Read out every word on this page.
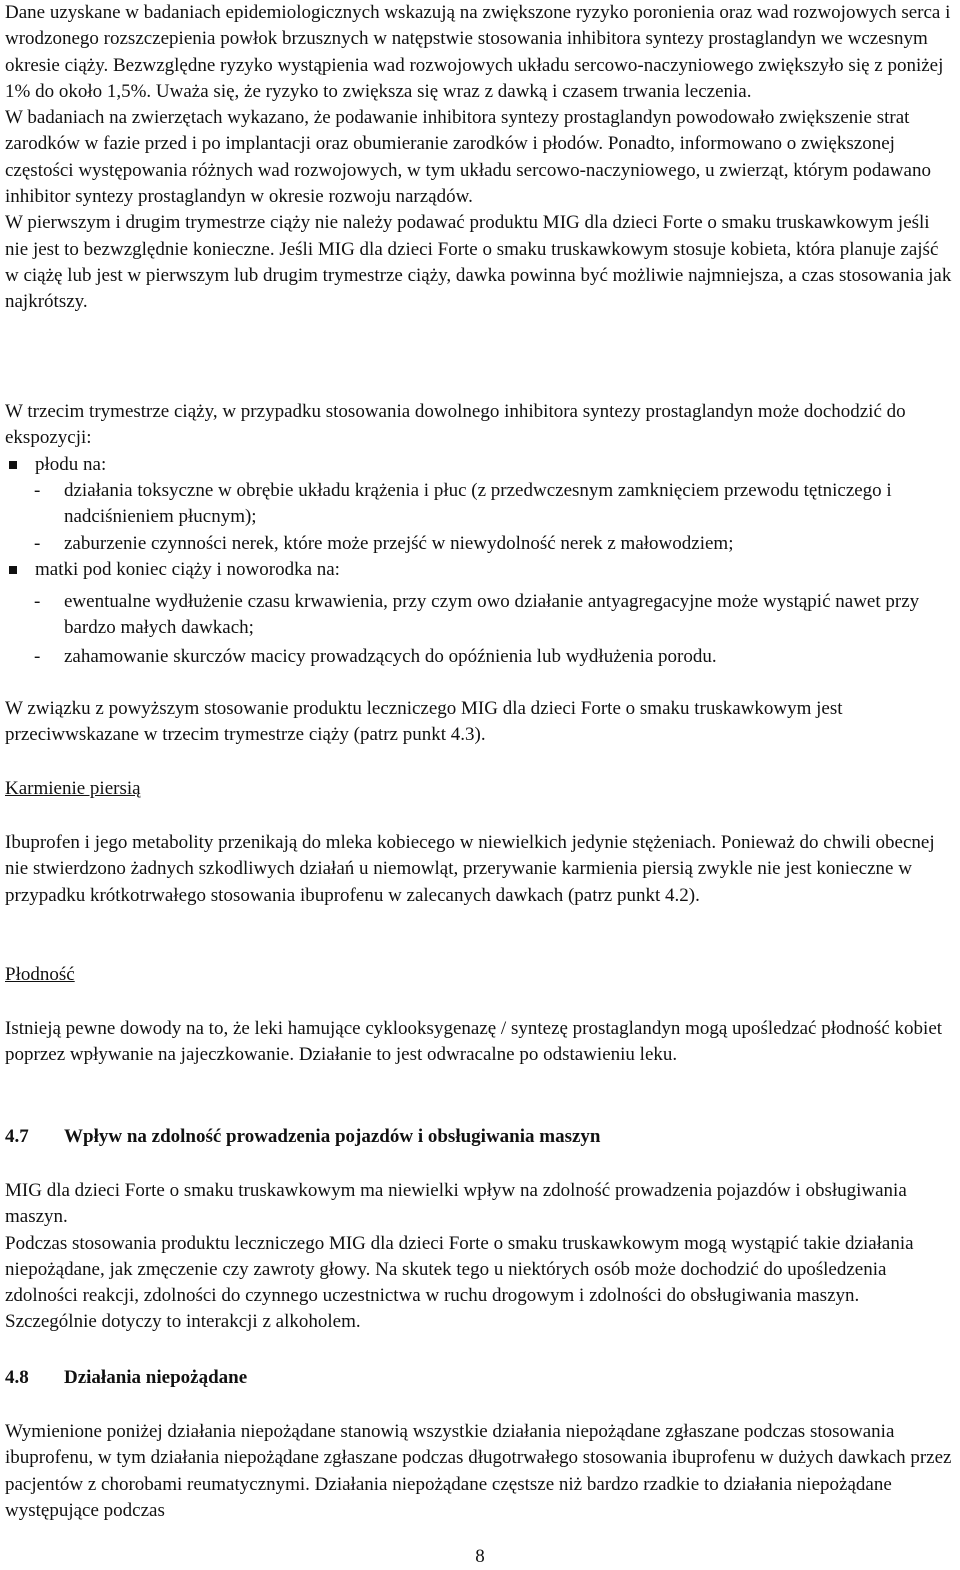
Dane uzyskane w badaniach epidemiologicznych wskazują na zwiększone ryzyko poronienia oraz wad rozwojowych serca i wrodzonego rozszczepienia powłok brzusznych w natępstwie stosowania inhibitora syntezy prostaglandyn we wczesnym okresie ciąży. Bezwzględne ryzyko wystąpienia wad rozwojowych układu sercowo-naczyniowego zwiększyło się z poniżej 1% do około 1,5%. Uważa się, że ryzyko to zwiększa się wraz z dawką i czasem trwania leczenia.

W badaniach na zwierzętach wykazano, że podawanie inhibitora syntezy prostaglandyn powodowało zwiększenie strat zarodków w fazie przed i po implantacji oraz obumieranie zarodków i płodów. Ponadto, informowano o zwiększonej częstości występowania różnych wad rozwojowych, w tym układu sercowo-naczyniowego, u zwierząt, którym podawano inhibitor syntezy prostaglandyn w okresie rozwoju narządów.

W pierwszym i drugim trymestrze ciąży nie należy podawać produktu MIG dla dzieci Forte o smaku truskawkowym jeśli nie jest to bezwzględnie konieczne. Jeśli MIG dla dzieci Forte o smaku truskawkowym stosuje kobieta, która planuje zajść w ciążę lub jest w pierwszym lub drugim trymestrze ciąży, dawka powinna być możliwie najmniejsza, a czas stosowania jak najkrótszy.

W trzecim trymestrze ciąży, w przypadku stosowania dowolnego inhibitora syntezy prostaglandyn może dochodzić do ekspozycji:
płodu na:
- działania toksyczne w obrębie układu krążenia i płuc (z przedwczesnym zamknięciem przewodu tętniczego i nadciśnieniem płucnym);
- zaburzenie czynności nerek, które może przejść w niewydolność nerek z małowodziem;
matki pod koniec ciąży i noworodka na:
- ewentualne wydłużenie czasu krwawienia, przy czym owo działanie antyagregacyjne może wystąpić nawet przy bardzo małych dawkach;
- zahamowanie skurczów macicy prowadzących do opóźnienia lub wydłużenia porodu.
W związku z powyższym stosowanie produktu leczniczego MIG dla dzieci Forte o smaku truskawkowym jest przeciwwskazane w trzecim trymestrze ciąży (patrz punkt 4.3).
Karmienie piersią
Ibuprofen i jego metabolity przenikają do mleka kobiecego w niewielkich jedynie stężeniach. Ponieważ do chwili obecnej nie stwierdzono żadnych szkodliwych działań u niemowląt, przerywanie karmienia piersią zwykle nie jest konieczne w przypadku krótkotrwałego stosowania ibuprofenu w zalecanych dawkach (patrz punkt 4.2).
Płodność
Istnieją pewne dowody na to, że leki hamujące cyklooksygenazę / syntezę prostaglandyn mogą upośledzać płodność kobiet poprzez wpływanie na jajeczkowanie. Działanie to jest odwracalne po odstawieniu leku.
4.7 Wpływ na zdolność prowadzenia pojazdów i obsługiwania maszyn

MIG dla dzieci Forte o smaku truskawkowym ma niewielki wpływ na zdolność prowadzenia pojazdów i obsługiwania maszyn.

Podczas stosowania produktu leczniczego MIG dla dzieci Forte o smaku truskawkowym mogą wystąpić takie działania niepożądane, jak zmęczenie czy zawroty głowy. Na skutek tego u niektórych osób może dochodzić do upośledzenia zdolności reakcji, zdolności do czynnego uczestnictwa w ruchu drogowym i zdolności do obsługiwania maszyn. Szczególnie dotyczy to interakcji z alkoholem.

4.8 Działania niepożądane
Wymienione poniżej działania niepożądane stanowią wszystkie działania niepożądane zgłaszane podczas stosowania ibuprofenu, w tym działania niepożądane zgłaszane podczas długotrwałego stosowania ibuprofenu w dużych dawkach przez pacjentów z chorobami reumatycznymi. Działania niepożądane częstsze niż bardzo rzadkie to działania niepożądane występujące podczas
8
